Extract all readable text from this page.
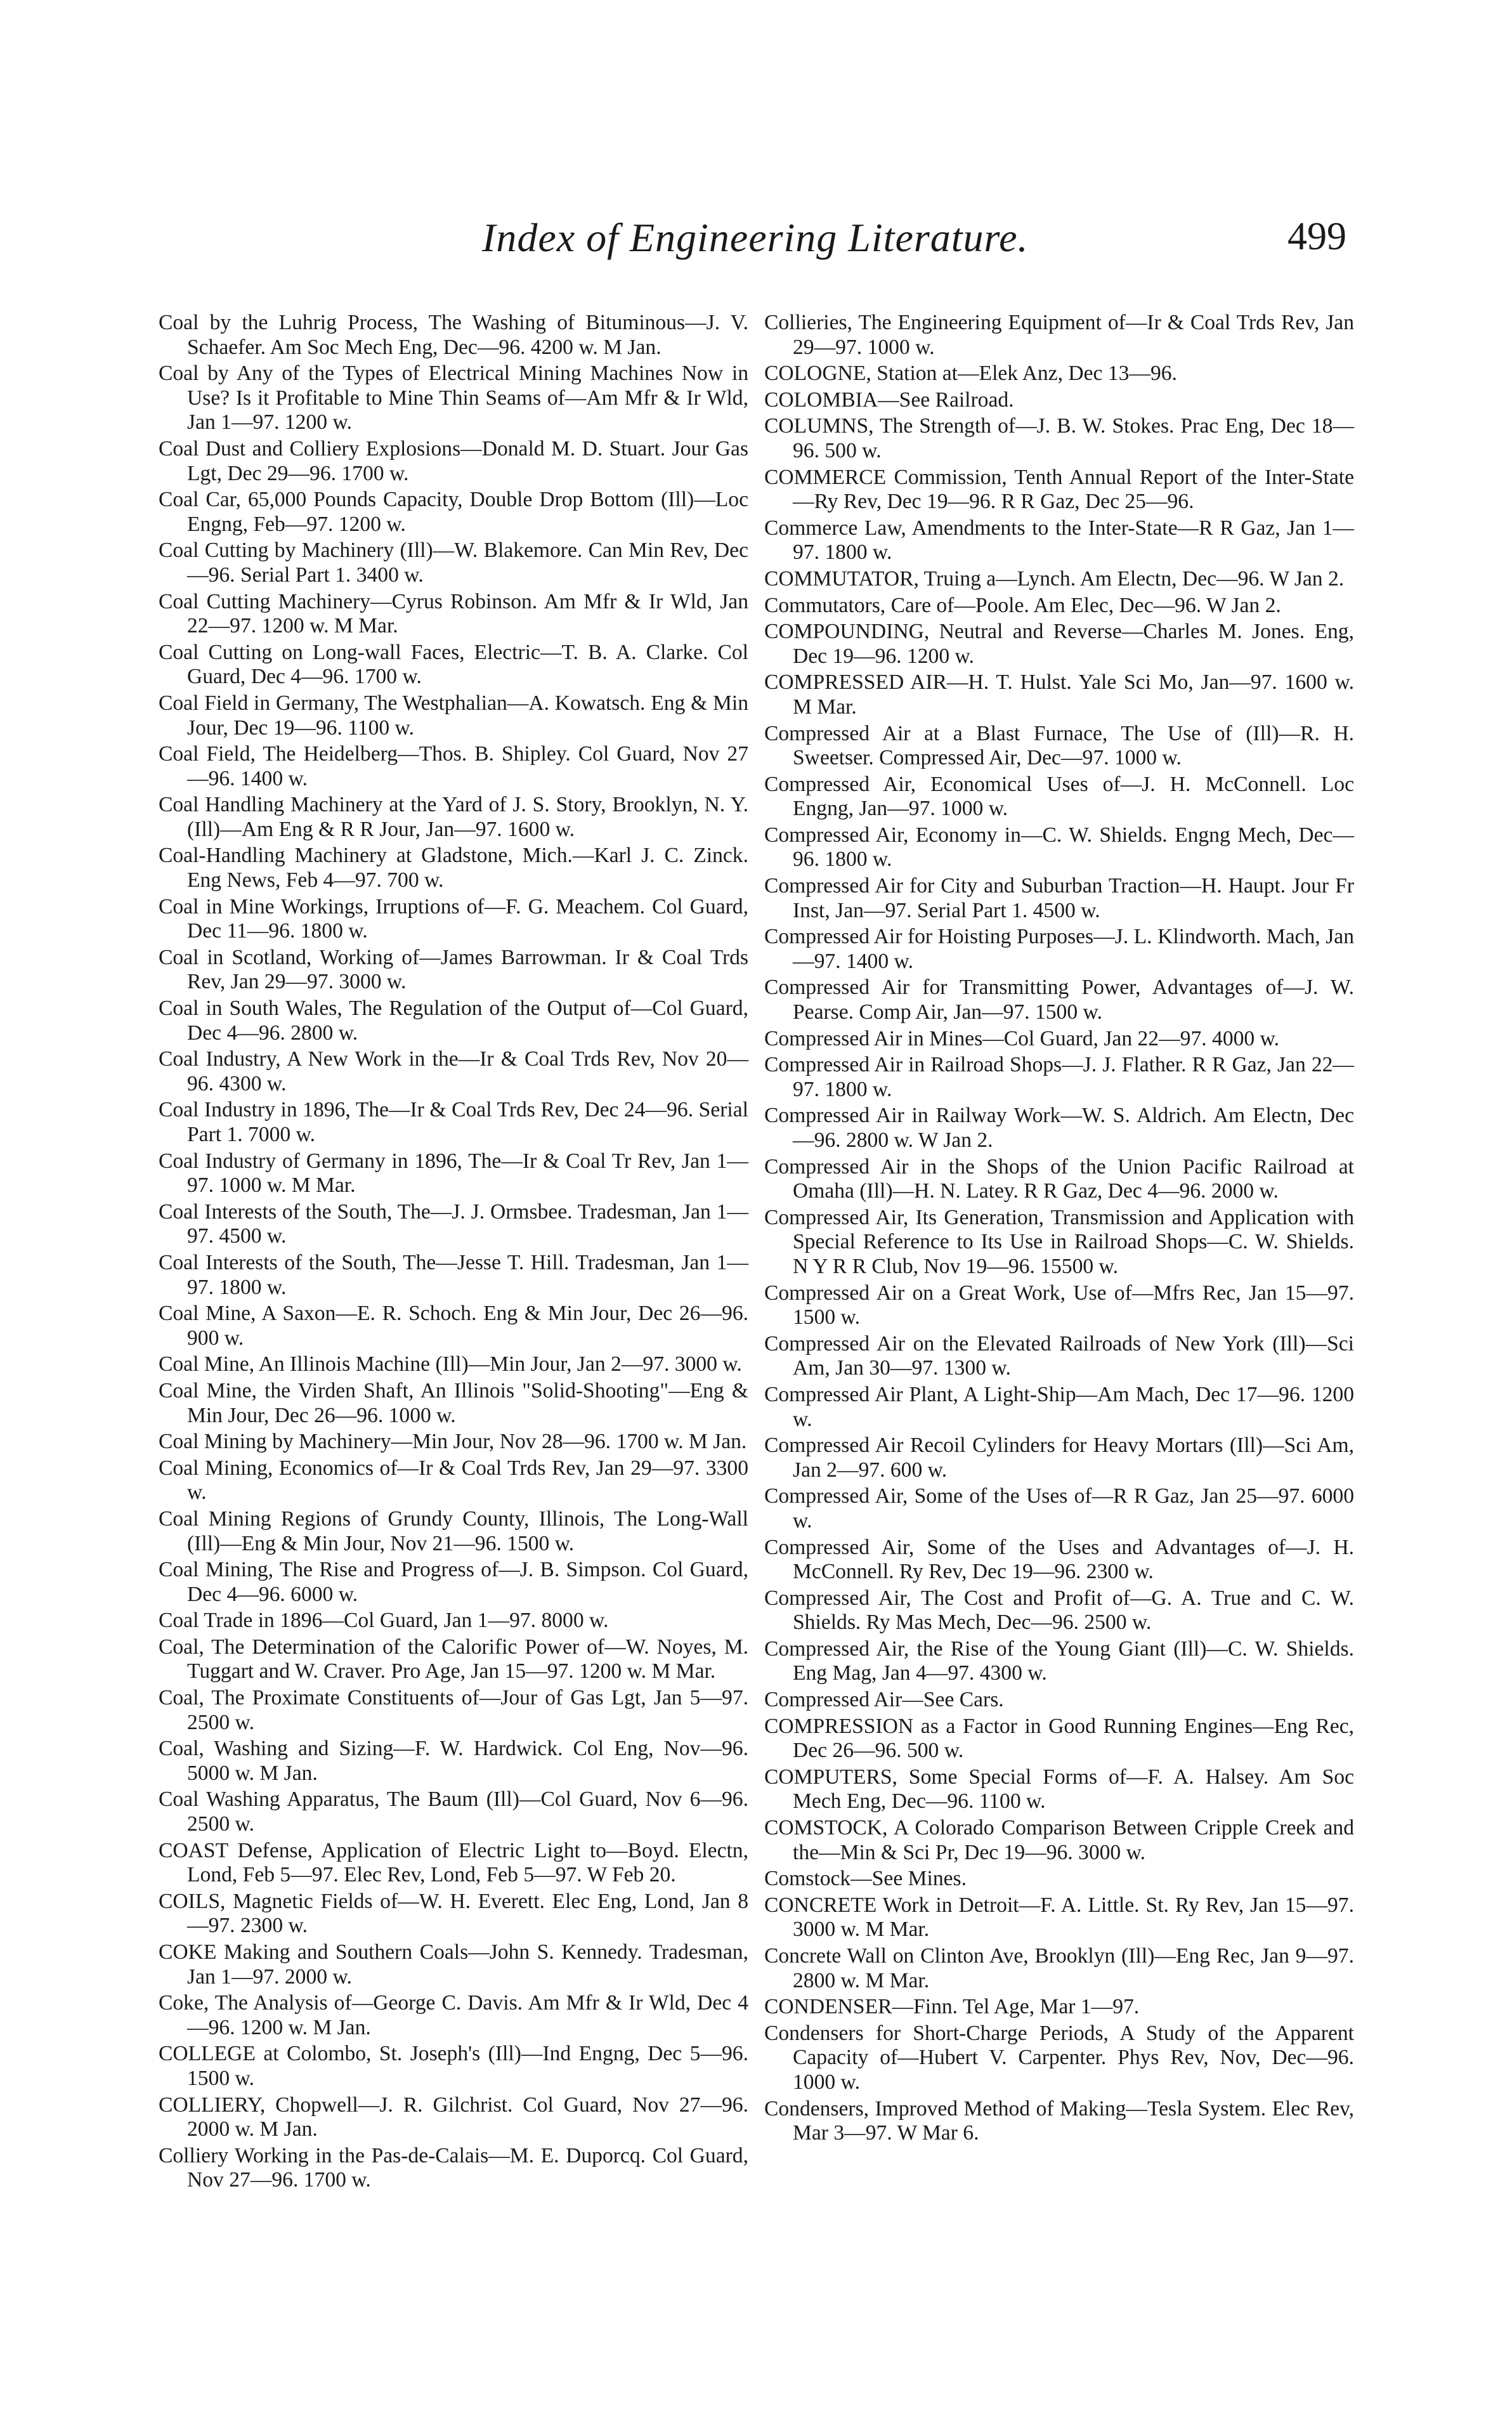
Index of Engineering Literature.	499
Coal by the Luhrig Process, The Washing of Bituminous—J. V. Schaefer. Am Soc Mech Eng, Dec—96. 4200 w. M Jan.
Coal by Any of the Types of Electrical Mining Machines Now in Use? Is it Profitable to Mine Thin Seams of—Am Mfr & Ir Wld, Jan 1—97. 1200 w.
Coal Dust and Colliery Explosions—Donald M. D. Stuart. Jour Gas Lgt, Dec 29—96. 1700 w.
Coal Car, 65,000 Pounds Capacity, Double Drop Bottom (Ill)—Loc Engng, Feb—97. 1200 w.
Coal Cutting by Machinery (Ill)—W. Blakemore. Can Min Rev, Dec—96. Serial Part 1. 3400 w.
Coal Cutting Machinery—Cyrus Robinson. Am Mfr & Ir Wld, Jan 22—97. 1200 w. M Mar.
Coal Cutting on Long-wall Faces, Electric—T. B. A. Clarke. Col Guard, Dec 4—96. 1700 w.
Coal Field in Germany, The Westphalian—A. Kowatsch. Eng & Min Jour, Dec 19—96. 1100 w.
Coal Field, The Heidelberg—Thos. B. Shipley. Col Guard, Nov 27—96. 1400 w.
Coal Handling Machinery at the Yard of J. S. Story, Brooklyn, N. Y. (Ill)—Am Eng & R R Jour, Jan—97. 1600 w.
Coal-Handling Machinery at Gladstone, Mich.—Karl J. C. Zinck. Eng News, Feb 4—97. 700 w.
Coal in Mine Workings, Irruptions of—F. G. Meachem. Col Guard, Dec 11—96. 1800 w.
Coal in Scotland, Working of—James Barrowman. Ir & Coal Trds Rev, Jan 29—97. 3000 w.
Coal in South Wales, The Regulation of the Output of—Col Guard, Dec 4—96. 2800 w.
Coal Industry, A New Work in the—Ir & Coal Trds Rev, Nov 20—96. 4300 w.
Coal Industry in 1896, The—Ir & Coal Trds Rev, Dec 24—96. Serial Part 1. 7000 w.
Coal Industry of Germany in 1896, The—Ir & Coal Tr Rev, Jan 1—97. 1000 w. M Mar.
Coal Interests of the South, The—J. J. Ormsbee. Tradesman, Jan 1—97. 4500 w.
Coal Interests of the South, The—Jesse T. Hill. Tradesman, Jan 1—97. 1800 w.
Coal Mine, A Saxon—E. R. Schoch. Eng & Min Jour, Dec 26—96. 900 w.
Coal Mine, An Illinois Machine (Ill)—Min Jour, Jan 2—97. 3000 w.
Coal Mine, the Virden Shaft, An Illinois "Solid-Shooting"—Eng & Min Jour, Dec 26—96. 1000 w.
Coal Mining by Machinery—Min Jour, Nov 28—96. 1700 w. M Jan.
Coal Mining, Economics of—Ir & Coal Trds Rev, Jan 29—97. 3300 w.
Coal Mining Regions of Grundy County, Illinois, The Long-Wall (Ill)—Eng & Min Jour, Nov 21—96. 1500 w.
Coal Mining, The Rise and Progress of—J. B. Simpson. Col Guard, Dec 4—96. 6000 w.
Coal Trade in 1896—Col Guard, Jan 1—97. 8000 w.
Coal, The Determination of the Calorific Power of—W. Noyes, M. Tuggart and W. Craver. Pro Age, Jan 15—97. 1200 w. M Mar.
Coal, The Proximate Constituents of—Jour of Gas Lgt, Jan 5—97. 2500 w.
Coal, Washing and Sizing—F. W. Hardwick. Col Eng, Nov—96. 5000 w. M Jan.
Coal Washing Apparatus, The Baum (Ill)—Col Guard, Nov 6—96. 2500 w.
COAST Defense, Application of Electric Light to—Boyd. Electn, Lond, Feb 5—97. Elec Rev, Lond, Feb 5—97. W Feb 20.
COILS, Magnetic Fields of—W. H. Everett. Elec Eng, Lond, Jan 8—97. 2300 w.
COKE Making and Southern Coals—John S. Kennedy. Tradesman, Jan 1—97. 2000 w.
Coke, The Analysis of—George C. Davis. Am Mfr & Ir Wld, Dec 4—96. 1200 w. M Jan.
COLLEGE at Colombo, St. Joseph's (Ill)—Ind Engng, Dec 5—96. 1500 w.
COLLIERY, Chopwell—J. R. Gilchrist. Col Guard, Nov 27—96. 2000 w. M Jan.
Colliery Working in the Pas-de-Calais—M. E. Duporcq. Col Guard, Nov 27—96. 1700 w.
Collieries, The Engineering Equipment of—Ir & Coal Trds Rev, Jan 29—97. 1000 w.
COLOGNE, Station at—Elek Anz, Dec 13—96.
COLOMBIA—See Railroad.
COLUMNS, The Strength of—J. B. W. Stokes. Prac Eng, Dec 18—96. 500 w.
COMMERCE Commission, Tenth Annual Report of the Inter-State—Ry Rev, Dec 19—96. R R Gaz, Dec 25—96.
Commerce Law, Amendments to the Inter-State—R R Gaz, Jan 1—97. 1800 w.
COMMUTATOR, Truing a—Lynch. Am Electn, Dec—96. W Jan 2.
Commutators, Care of—Poole. Am Elec, Dec—96. W Jan 2.
COMPOUNDING, Neutral and Reverse—Charles M. Jones. Eng, Dec 19—96. 1200 w.
COMPRESSED AIR—H. T. Hulst. Yale Sci Mo, Jan—97. 1600 w. M Mar.
Compressed Air at a Blast Furnace, The Use of (Ill)—R. H. Sweetser. Compressed Air, Dec—97. 1000 w.
Compressed Air, Economical Uses of—J. H. McConnell. Loc Engng, Jan—97. 1000 w.
Compressed Air, Economy in—C. W. Shields. Engng Mech, Dec—96. 1800 w.
Compressed Air for City and Suburban Traction—H. Haupt. Jour Fr Inst, Jan—97. Serial Part 1. 4500 w.
Compressed Air for Hoisting Purposes—J. L. Klindworth. Mach, Jan—97. 1400 w.
Compressed Air for Transmitting Power, Advantages of—J. W. Pearse. Comp Air, Jan—97. 1500 w.
Compressed Air in Mines—Col Guard, Jan 22—97. 4000 w.
Compressed Air in Railroad Shops—J. J. Flather. R R Gaz, Jan 22—97. 1800 w.
Compressed Air in Railway Work—W. S. Aldrich. Am Electn, Dec—96. 2800 w. W Jan 2.
Compressed Air in the Shops of the Union Pacific Railroad at Omaha (Ill)—H. N. Latey. R R Gaz, Dec 4—96. 2000 w.
Compressed Air, Its Generation, Transmission and Application with Special Reference to Its Use in Railroad Shops—C. W. Shields. N Y R R Club, Nov 19—96. 15500 w.
Compressed Air on a Great Work, Use of—Mfrs Rec, Jan 15—97. 1500 w.
Compressed Air on the Elevated Railroads of New York (Ill)—Sci Am, Jan 30—97. 1300 w.
Compressed Air Plant, A Light-Ship—Am Mach, Dec 17—96. 1200 w.
Compressed Air Recoil Cylinders for Heavy Mortars (Ill)—Sci Am, Jan 2—97. 600 w.
Compressed Air, Some of the Uses of—R R Gaz, Jan 25—97. 6000 w.
Compressed Air, Some of the Uses and Advantages of—J. H. McConnell. Ry Rev, Dec 19—96. 2300 w.
Compressed Air, The Cost and Profit of—G. A. True and C. W. Shields. Ry Mas Mech, Dec—96. 2500 w.
Compressed Air, the Rise of the Young Giant (Ill)—C. W. Shields. Eng Mag, Jan 4—97. 4300 w.
Compressed Air—See Cars.
COMPRESSION as a Factor in Good Running Engines—Eng Rec, Dec 26—96. 500 w.
COMPUTERS, Some Special Forms of—F. A. Halsey. Am Soc Mech Eng, Dec—96. 1100 w.
COMSTOCK, A Colorado Comparison Between Cripple Creek and the—Min & Sci Pr, Dec 19—96. 3000 w.
Comstock—See Mines.
CONCRETE Work in Detroit—F. A. Little. St. Ry Rev, Jan 15—97. 3000 w. M Mar.
Concrete Wall on Clinton Ave, Brooklyn (Ill)—Eng Rec, Jan 9—97. 2800 w. M Mar.
CONDENSER—Finn. Tel Age, Mar 1—97.
Condensers for Short-Charge Periods, A Study of the Apparent Capacity of—Hubert V. Carpenter. Phys Rev, Nov, Dec—96. 1000 w.
Condensers, Improved Method of Making—Tesla System. Elec Rev, Mar 3—97. W Mar 6.
